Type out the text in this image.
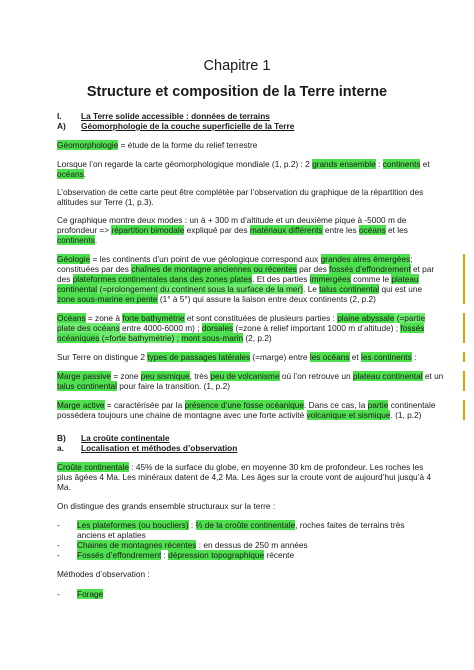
Chapitre 1
Structure et composition de la Terre interne
I. La Terre solide accessible : données de terrains
A) Géomorphologie de la couche superficielle de la Terre
Géomorphologie = étude de la forme du relief terrestre
Lorsque l’on regarde la carte géomorphologique mondiale (1, p.2) : 2 grands ensemble : continents et
océans.
L’observation de cette carte peut être complétée par l’observation du graphique de la répartition des
altitudes sur Terre (1, p.3).
Ce graphique montre deux modes : un à + 300 m d’altitude et un deuxième pique à -5000 m de
profondeur => répartition bimodale expliqué par des matériaux différents entre les océans et les
continents.
Géologie = les continents d’un point de vue géologique correspond aux grandes aires émergées;
constituées par des chaînes de montagne anciennes ou récentes par des fossés d’effondrement et par
des plateformes continentales dans des zones plates. Et des parties immergées comme le plateau
continental (=prolongement du continent sous la surface de la mer). Le talus continental qui est une
zone sous-marine en pente (1° à 5°) qui assure la liaison entre deux continents (2, p.2)
Océans = zone à forte bathymétrie et sont constituées de plusieurs parties : plaine abyssale (=partie
plate des océans entre 4000-6000 m) ; dorsales (=zone à relief important 1000 m d’altitude) ; fossés
océaniques (=forte bathymétrie) ; mont sous-marin (2, p.2)
Sur Terre on distingue 2 types de passages latérales (=marge) entre les océans et les continents :
Marge passive = zone peu sismique, très peu de volcanisme où l’on retrouve un plateau continental et un
talus continental pour faire la transition. (1, p.2)
Marge active = caractérisée par la présence d’une fosse océanique. Dans ce cas, la partie continentale
possédera toujours une chaine de montagne avec une forte activité volcanique et sismique. (1, p.2)
B) La croûte continentale
a. Localisation et méthodes d’observation
Croûte continentale : 45% de la surface du globe, en moyenne 30 km de profondeur. Les roches les
plus âgées 4 Ma. Les minéraux datent de 4,2 Ma. Les âges sur la croute vont de aujourd’hui jusqu’à 4
Ma.
On distingue des grands ensemble structuraux sur la terre :
- Les plateformes (ou boucliers) : ⅔ de la croûte continentale, roches faites de terrains très
anciens et aplaties
- Chaines de montagnes récentes : en dessus de 250 m années
- Fossés d’effondrement : dépression topographique récente
Méthodes d’observation :
- Forage
